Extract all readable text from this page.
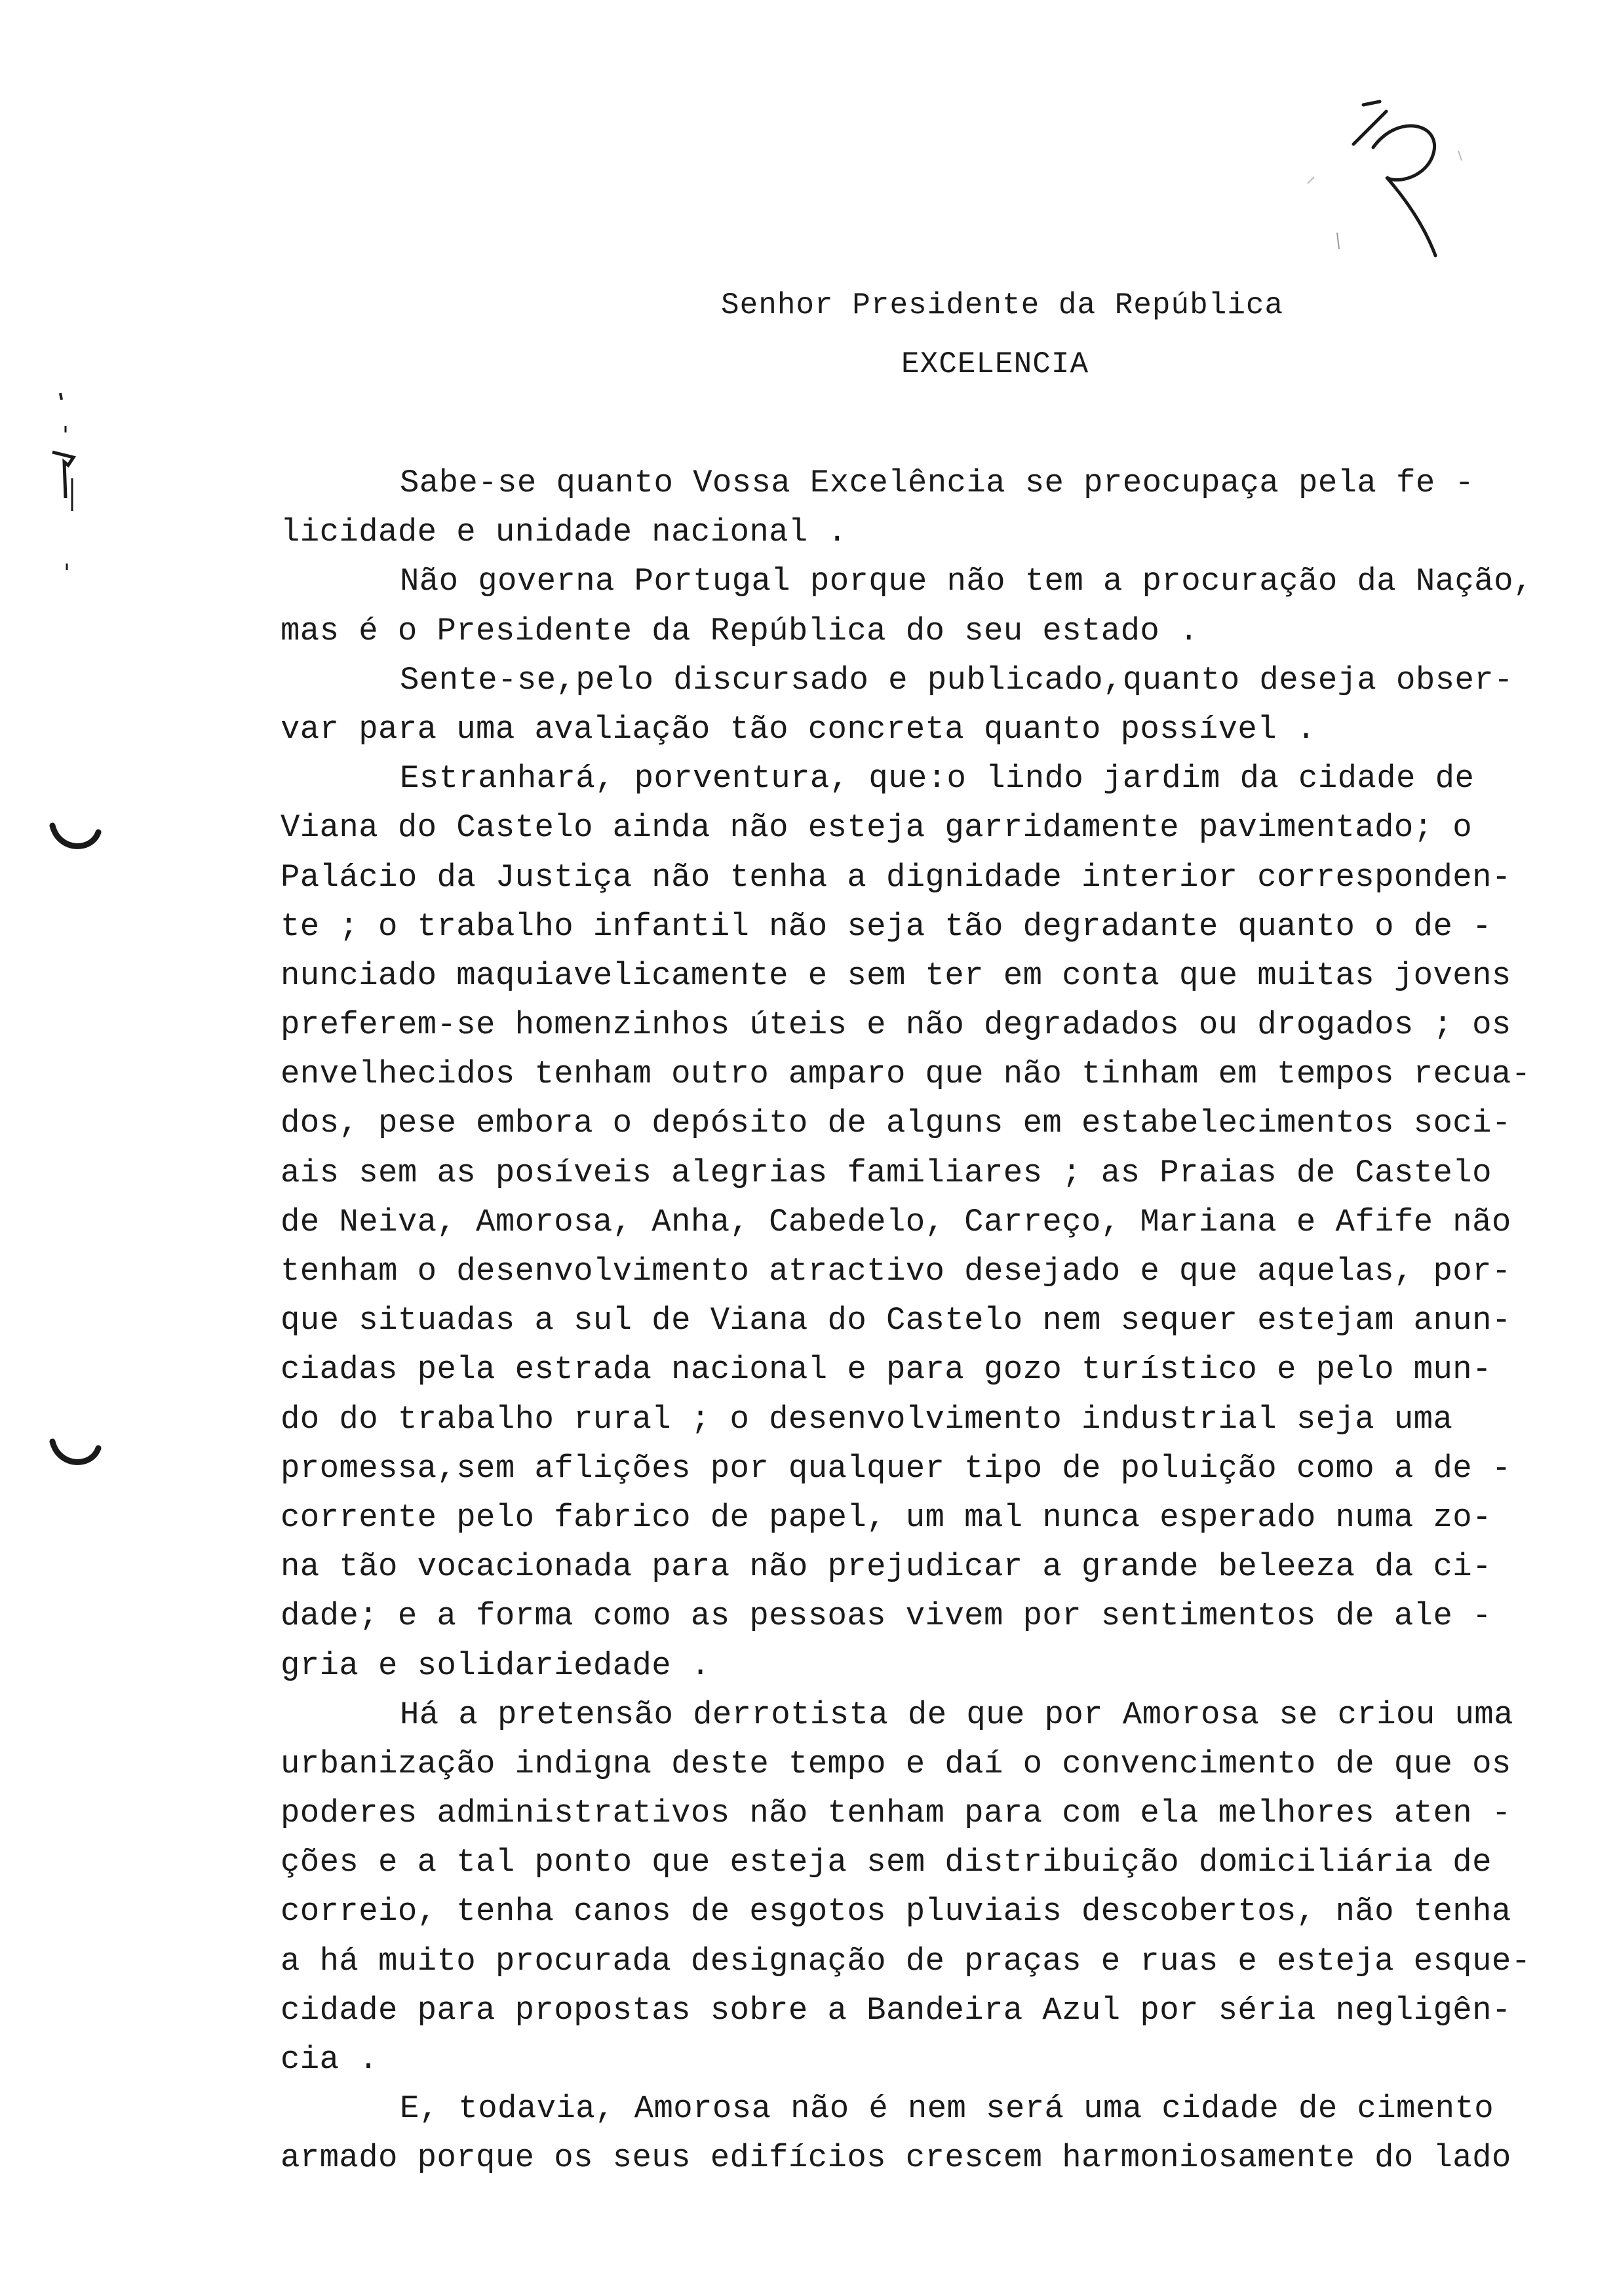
Senhor Presidente da República
EXCELENCIA
Sabe-se quanto Vossa Excelência se preocupaça pela fe -
licidade e unidade nacional .
Não governa Portugal porque não tem a procuração da Nação,
mas é o Presidente da República do seu estado .
Sente-se,pelo discursado e publicado,quanto deseja obser-
var para uma avaliação tão concreta quanto possível .
Estranhará, porventura, que:o lindo jardim da cidade de
Viana do Castelo ainda não esteja garridamente pavimentado; o
Palácio da Justiça não tenha a dignidade interior corresponden-
te ; o trabalho infantil não seja tão degradante quanto o de -
nunciado maquiavelicamente e sem ter em conta que muitas jovens
preferem-se homenzinhos úteis e não degradados ou drogados ; os
envelhecidos tenham outro amparo que não tinham em tempos recua-
dos, pese embora o depósito de alguns em estabelecimentos soci-
ais sem as posíveis alegrias familiares ; as Praias de Castelo
de Neiva, Amorosa, Anha, Cabedelo, Carreço, Mariana e Afife não
tenham o desenvolvimento atractivo desejado e que aquelas, por-
que situadas a sul de Viana do Castelo nem sequer estejam anun-
ciadas pela estrada nacional e para gozo turístico e pelo mun-
do do trabalho rural ; o desenvolvimento industrial seja uma
promessa,sem aflições por qualquer tipo de poluição como a de -
corrente pelo fabrico de papel, um mal nunca esperado numa zo-
na tão vocacionada para não prejudicar a grande beleeza da ci-
dade; e a forma como as pessoas vivem por sentimentos de ale -
gria e solidariedade .
Há a pretensão derrotista de que por Amorosa se criou uma
urbanização indigna deste tempo e daí o convencimento de que os
poderes administrativos não tenham para com ela melhores aten -
ções e a tal ponto que esteja sem distribuição domiciliária de
correio, tenha canos de esgotos pluviais descobertos, não tenha
a há muito procurada designação de praças e ruas e esteja esque-
cidade para propostas sobre a Bandeira Azul por séria negligên-
cia .
E, todavia, Amorosa não é nem será uma cidade de cimento
armado porque os seus edifícios crescem harmoniosamente do lado
